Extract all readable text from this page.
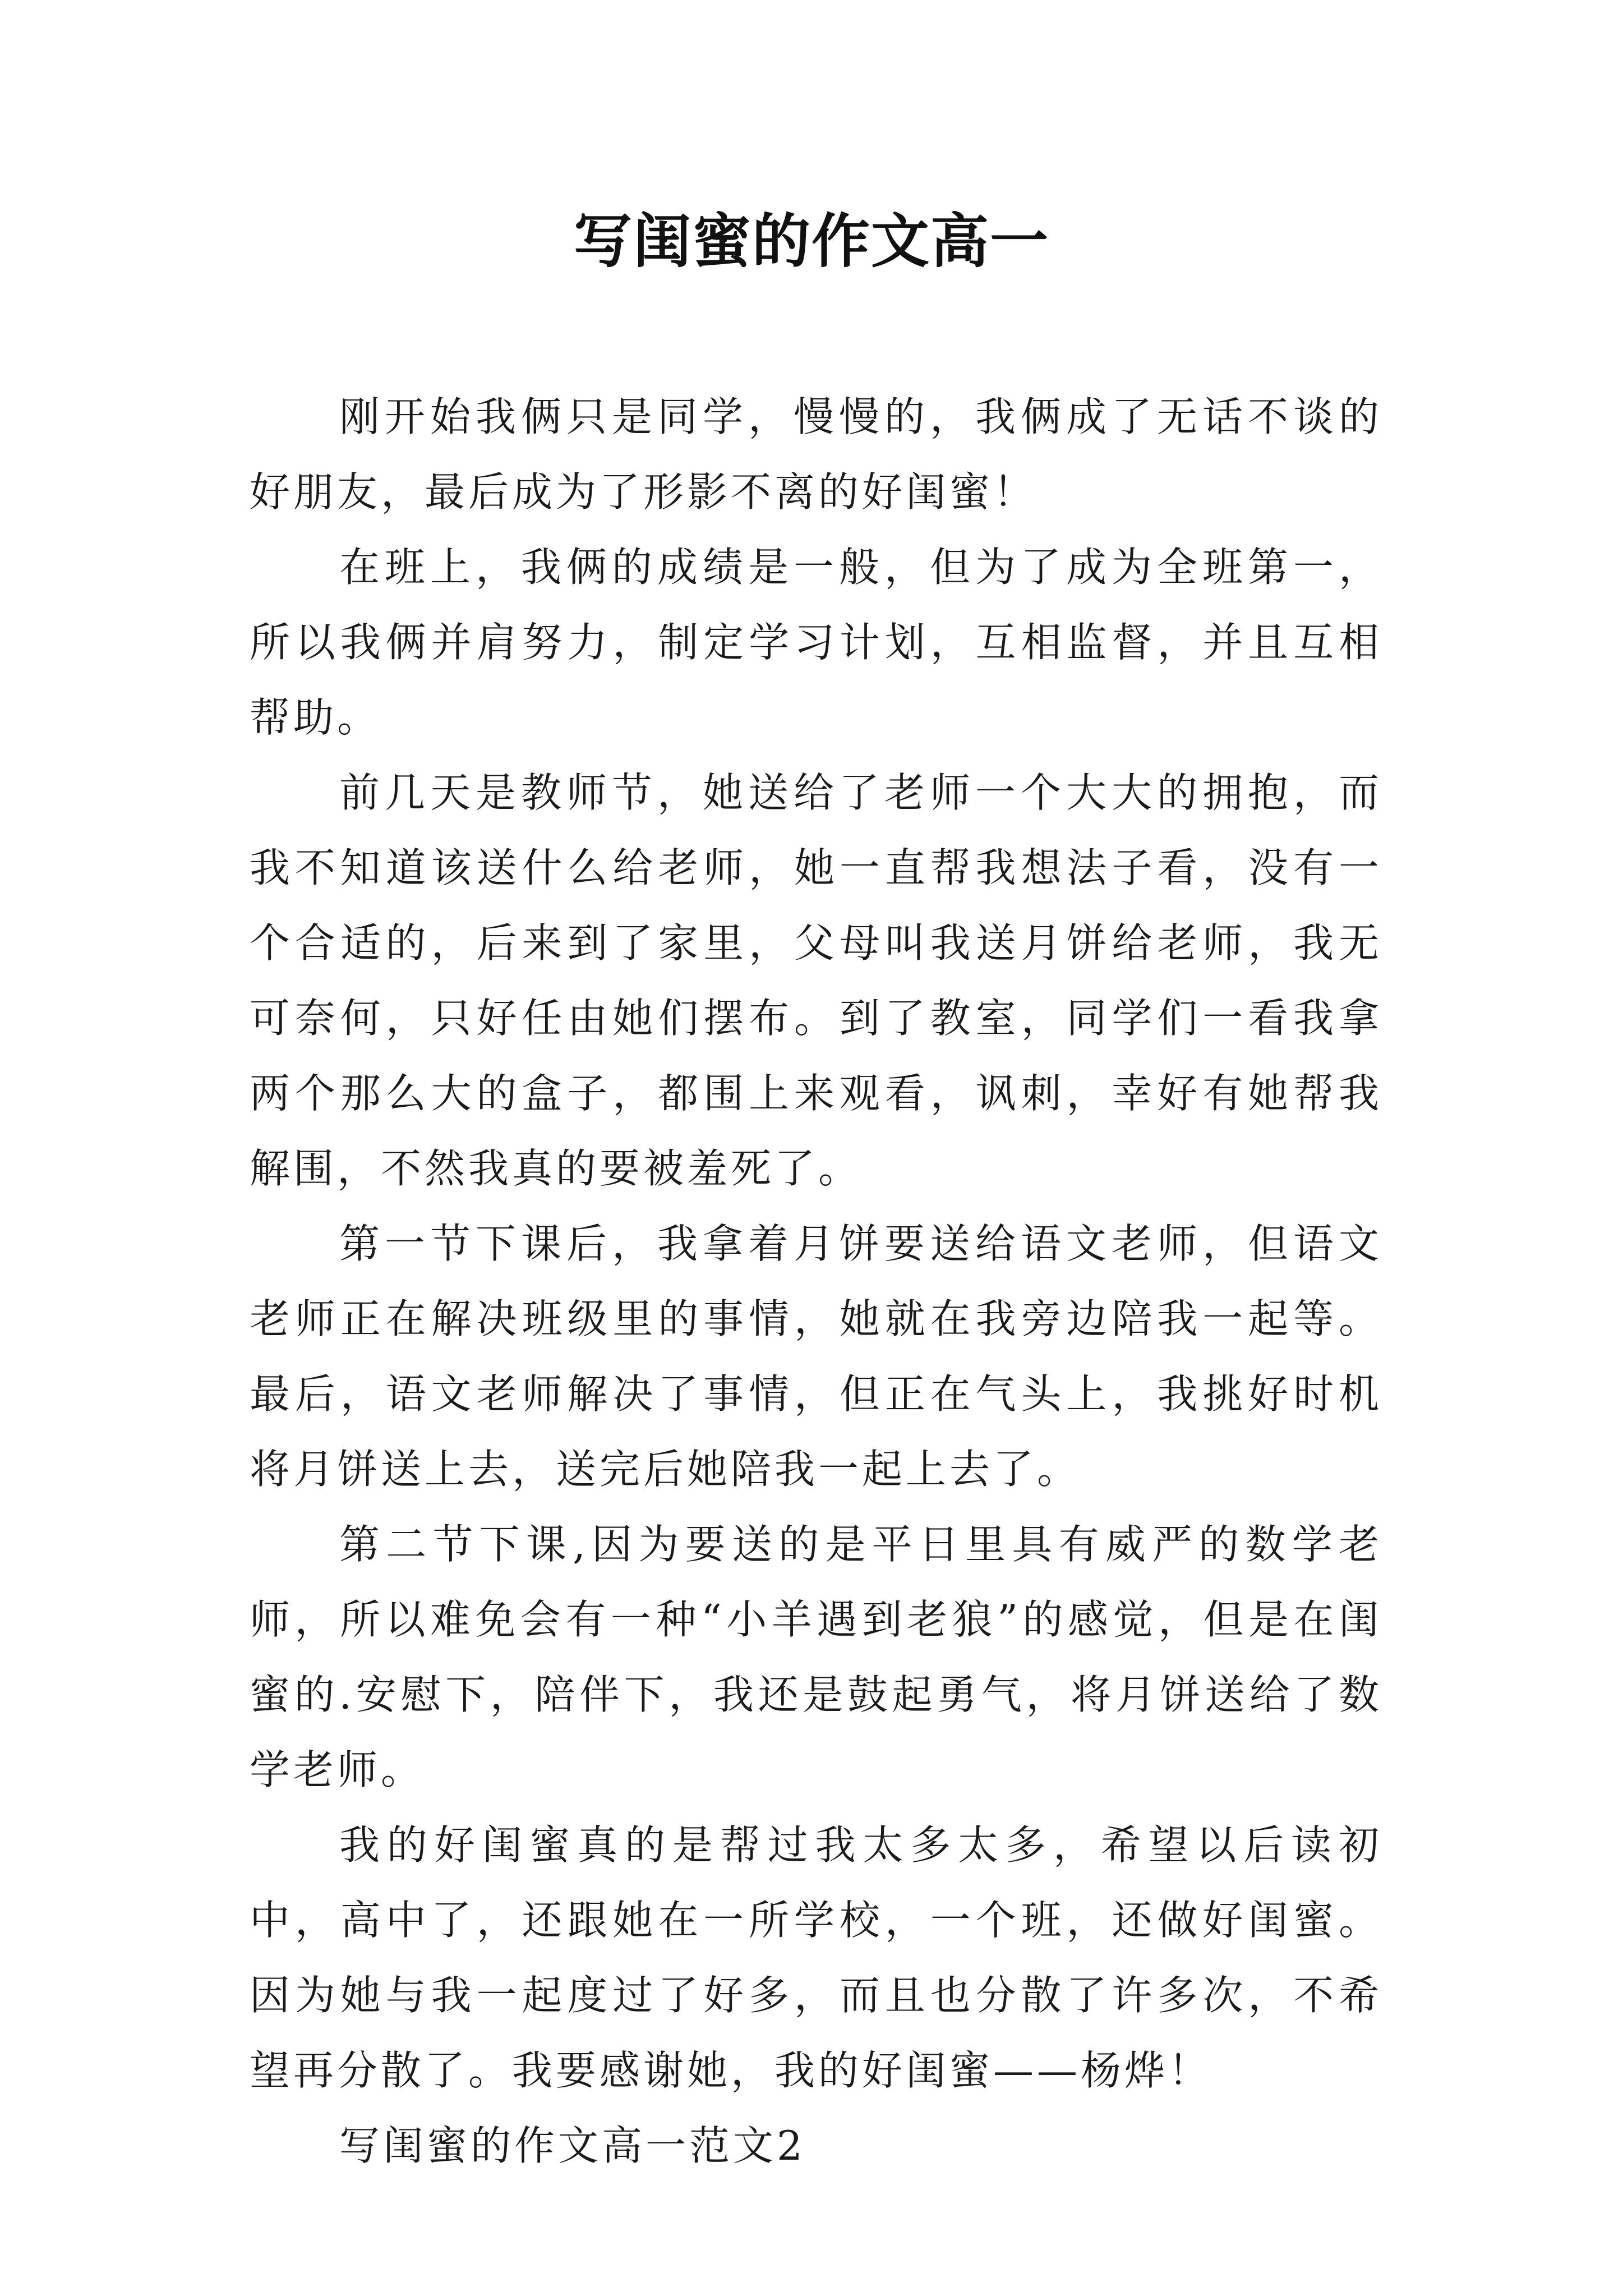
写闺蜜的作文高一

刚开始我俩只是同学，慢慢的，我俩成了无话不谈的好朋友，最后成为了形影不离的好闺蜜！

在班上，我俩的成绩是一般，但为了成为全班第一，所以我俩并肩努力，制定学习计划，互相监督，并且互相帮助。

前几天是教师节，她送给了老师一个大大的拥抱，而我不知道该送什么给老师，她一直帮我想法子看，没有一个合适的，后来到了家里，父母叫我送月饼给老师，我无可奈何，只好任由她们摆布。到了教室，同学们一看我拿两个那么大的盒子，都围上来观看，讽刺，幸好有她帮我解围，不然我真的要被羞死了。

第一节下课后，我拿着月饼要送给语文老师，但语文老师正在解决班级里的事情，她就在我旁边陪我一起等。最后，语文老师解决了事情，但正在气头上，我挑好时机将月饼送上去，送完后她陪我一起上去了。

第二节下课,因为要送的是平日里具有威严的数学老师，所以难免会有一种“小羊遇到老狼”的感觉，但是在闺蜜的.安慰下，陪伴下，我还是鼓起勇气，将月饼送给了数学老师。

我的好闺蜜真的是帮过我太多太多，希望以后读初中，高中了，还跟她在一所学校，一个班，还做好闺蜜。因为她与我一起度过了好多，而且也分散了许多次，不希望再分散了。我要感谢她，我的好闺蜜——杨烨！

写闺蜜的作文高一范文2
